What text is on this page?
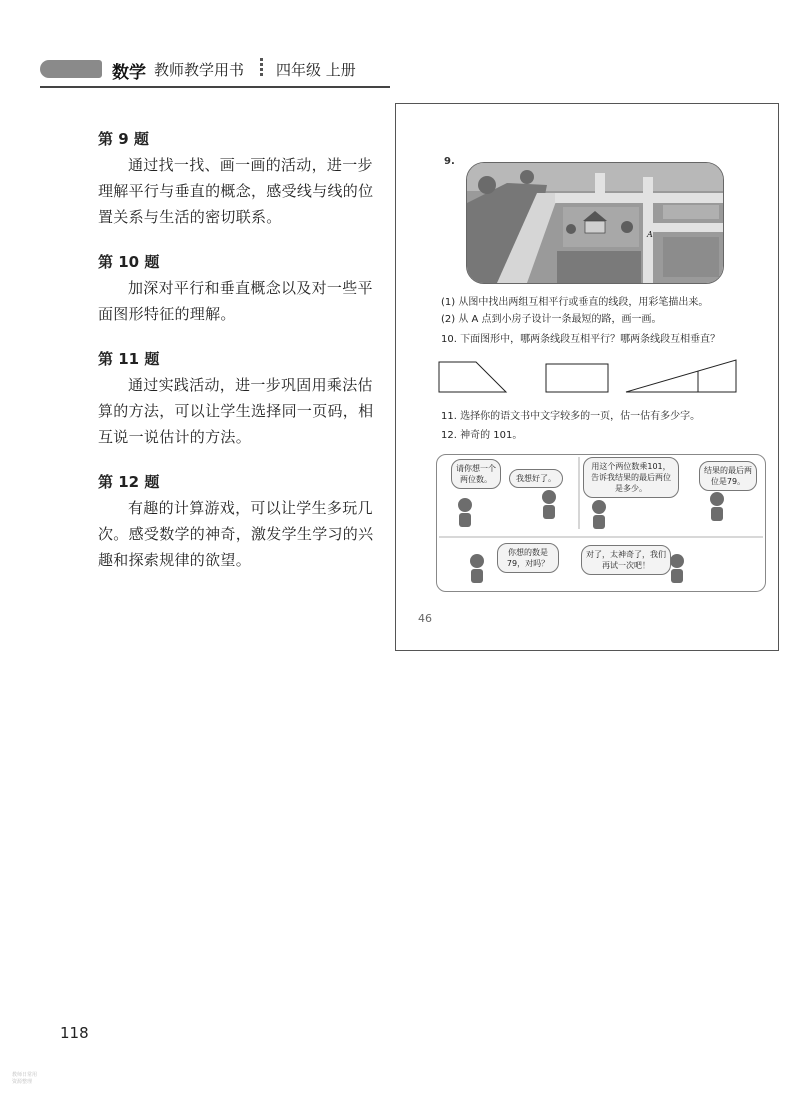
数学 教师教学用书 四年级 上册
第 9 题

通过找一找、画一画的活动，进一步理解平行与垂直的概念，感受线与线的位置关系与生活的密切联系。

第 10 题

加深对平行和垂直概念以及对一些平面图形特征的理解。

第 11 题

通过实践活动，进一步巩固用乘法估算的方法，可以让学生选择同一页码，相互说一说估计的方法。

第 12 题

有趣的计算游戏，可以让学生多玩几次。感受数学的神奇，激发学生学习的兴趣和探索规律的欲望。

9.
A
(1) 从图中找出两组互相平行或垂直的线段，用彩笔描出来。
(2) 从 A 点到小房子设计一条最短的路，画一画。
10. 下面图形中，哪两条线段互相平行？哪两条线段互相垂直？
11. 选择你的语文书中文字较多的一页，估一估有多少字。
12. 神奇的 101。
请你想一个两位数。	我想好了。
用这个两位数乘101，告诉我结果的最后两位是多少。
结果的最后两位是79。
你想的数是79，对吗？
对了，太神奇了，我们再试一次吧！
46
118
教师日常用
资源整理
